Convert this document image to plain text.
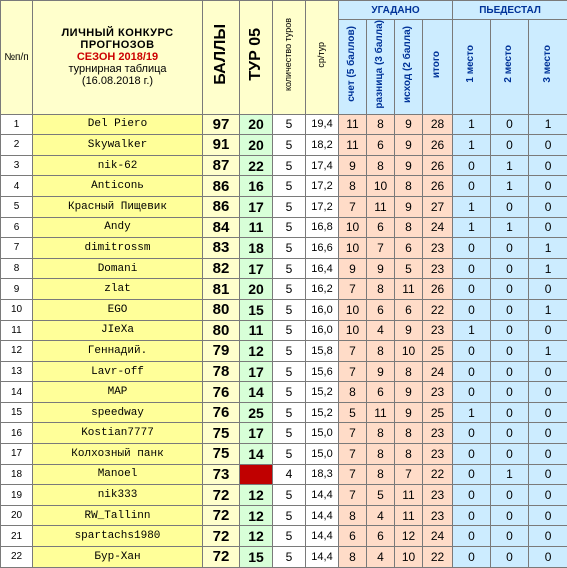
№п/п	ЛИЧНЫЙ КОНКУРС
ПРОГНОЗОВ
СЕЗОН 2018/19
турнирная таблица
(16.08.2018 г.)	БАЛЛЫ	ТУР 05	количество туров	ср/тур	УГАДАНО				ПЬЕДЕСТАЛ		
						счет (5 баллов)	разница (3 балла)	исход (2 балла)	итого	1 место	2 место	3 место
1	Del Piero	97	20	5	19,4	11	8	9	28	1	0	1
2	Skywalker	91	20	5	18,2	11	6	9	26	1	0	0
3	nik-62	87	22	5	17,4	9	8	9	26	0	1	0
4	Anticonь	86	16	5	17,2	8	10	8	26	0	1	0
5	Красный Пищевик	86	17	5	17,2	7	11	9	27	1	0	0
6	Andy	84	11	5	16,8	10	6	8	24	1	1	0
7	dimitrossm	83	18	5	16,6	10	7	6	23	0	0	1
8	Domani	82	17	5	16,4	9	9	5	23	0	0	1
9	zlat	81	20	5	16,2	7	8	11	26	0	0	0
10	EGO	80	15	5	16,0	10	6	6	22	0	0	1
11	JIeXa	80	11	5	16,0	10	4	9	23	1	0	0
12	Геннадий.	79	12	5	15,8	7	8	10	25	0	0	1
13	Lavr-off	78	17	5	15,6	7	9	8	24	0	0	0
14	MAP	76	14	5	15,2	8	6	9	23	0	0	0
15	speedway	76	25	5	15,2	5	11	9	25	1	0	0
16	Kostian7777	75	17	5	15,0	7	8	8	23	0	0	0
17	Колхозный панк	75	14	5	15,0	7	8	8	23	0	0	0
18	Manoel	73		4	18,3	7	8	7	22	0	1	0
19	nik333	72	12	5	14,4	7	5	11	23	0	0	0
20	RW_Tallinn	72	12	5	14,4	8	4	11	23	0	0	0
21	spartachs1980	72	12	5	14,4	6	6	12	24	0	0	0
22	Бур-Хан	72	15	5	14,4	8	4	10	22	0	0	0
